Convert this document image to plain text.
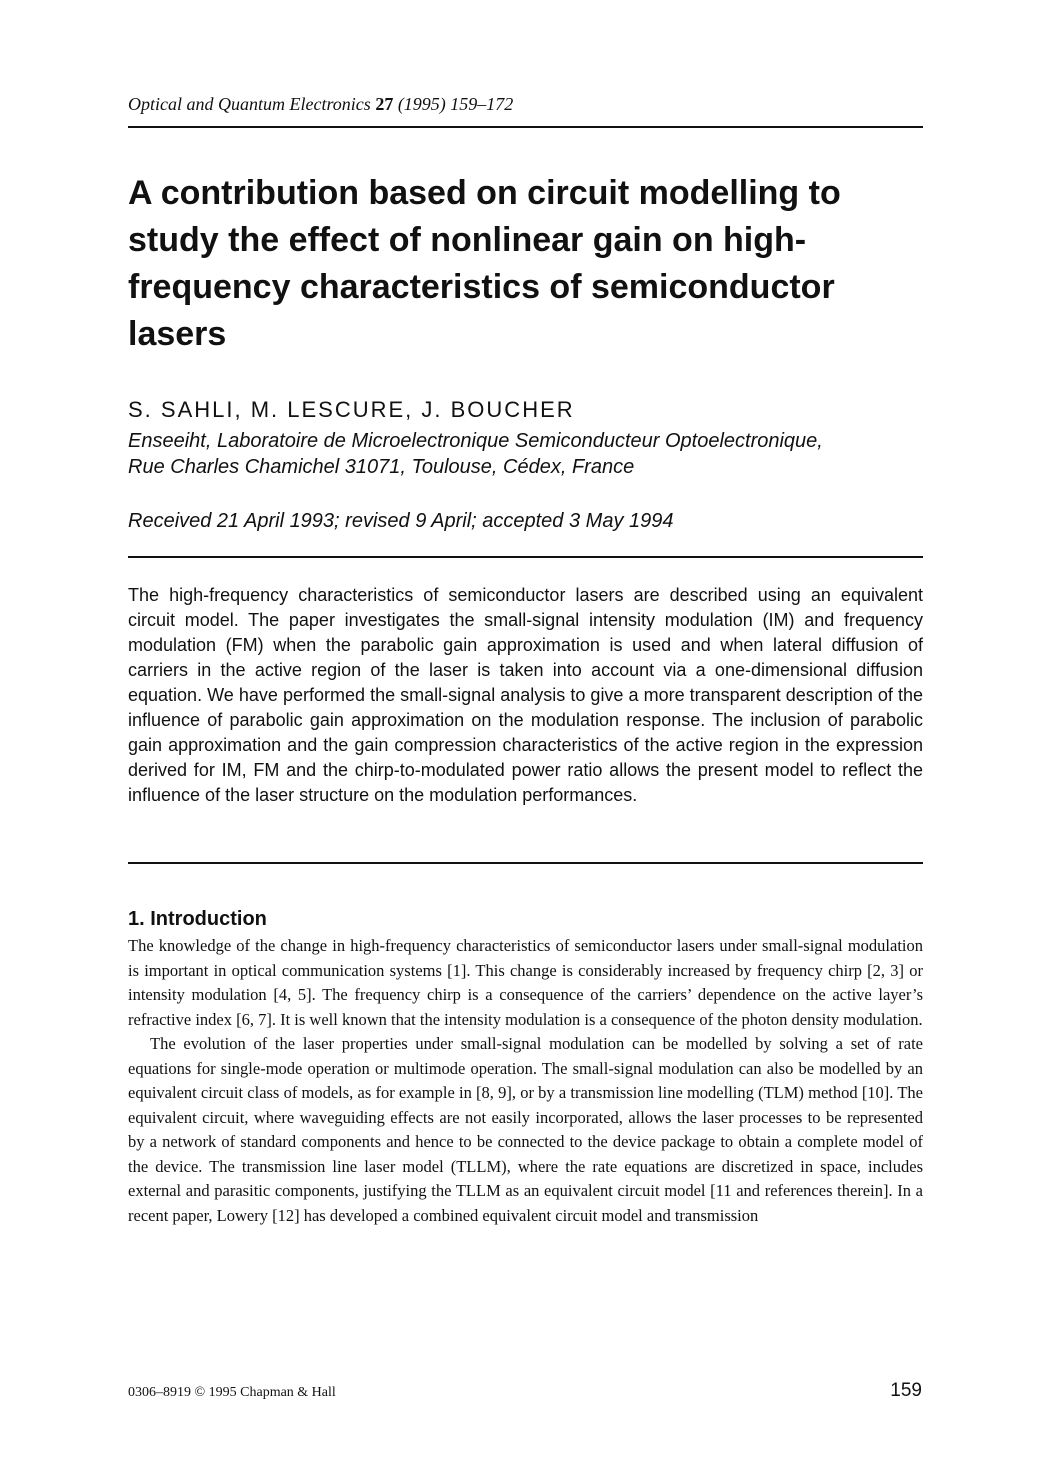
Optical and Quantum Electronics 27 (1995) 159–172
A contribution based on circuit modelling to study the effect of nonlinear gain on high-frequency characteristics of semiconductor lasers
S. SAHLI, M. LESCURE, J. BOUCHER
Enseeiht, Laboratoire de Microelectronique Semiconducteur Optoelectronique,
Rue Charles Chamichel 31071, Toulouse, Cédex, France
Received 21 April 1993; revised 9 April; accepted 3 May 1994

The high-frequency characteristics of semiconductor lasers are described using an equivalent circuit model. The paper investigates the small-signal intensity modulation (IM) and frequency modulation (FM) when the parabolic gain approximation is used and when lateral diffusion of carriers in the active region of the laser is taken into account via a one-dimensional diffusion equation. We have performed the small-signal analysis to give a more transparent description of the influence of parabolic gain approximation on the modulation response. The inclusion of parabolic gain approximation and the gain compression characteristics of the active region in the expression derived for IM, FM and the chirp-to-modulated power ratio allows the present model to reflect the influence of the laser structure on the modulation performances.

1. Introduction

The knowledge of the change in high-frequency characteristics of semiconductor lasers under small-signal modulation is important in optical communication systems [1]. This change is considerably increased by frequency chirp [2, 3] or intensity modulation [4, 5]. The frequency chirp is a consequence of the carriers’ dependence on the active layer’s refractive index [6, 7]. It is well known that the intensity modulation is a consequence of the photon density modulation.

The evolution of the laser properties under small-signal modulation can be modelled by solving a set of rate equations for single-mode operation or multimode operation. The small-signal modulation can also be modelled by an equivalent circuit class of models, as for example in [8, 9], or by a transmission line modelling (TLM) method [10]. The equivalent circuit, where waveguiding effects are not easily incorporated, allows the laser processes to be represented by a network of standard components and hence to be connected to the device package to obtain a complete model of the device. The transmission line laser model (TLLM), where the rate equations are discretized in space, includes external and parasitic components, justifying the TLLM as an equivalent circuit model [11 and references therein]. In a recent paper, Lowery [12] has developed a combined equivalent circuit model and transmission

0306–8919 © 1995 Chapman & Hall	159
